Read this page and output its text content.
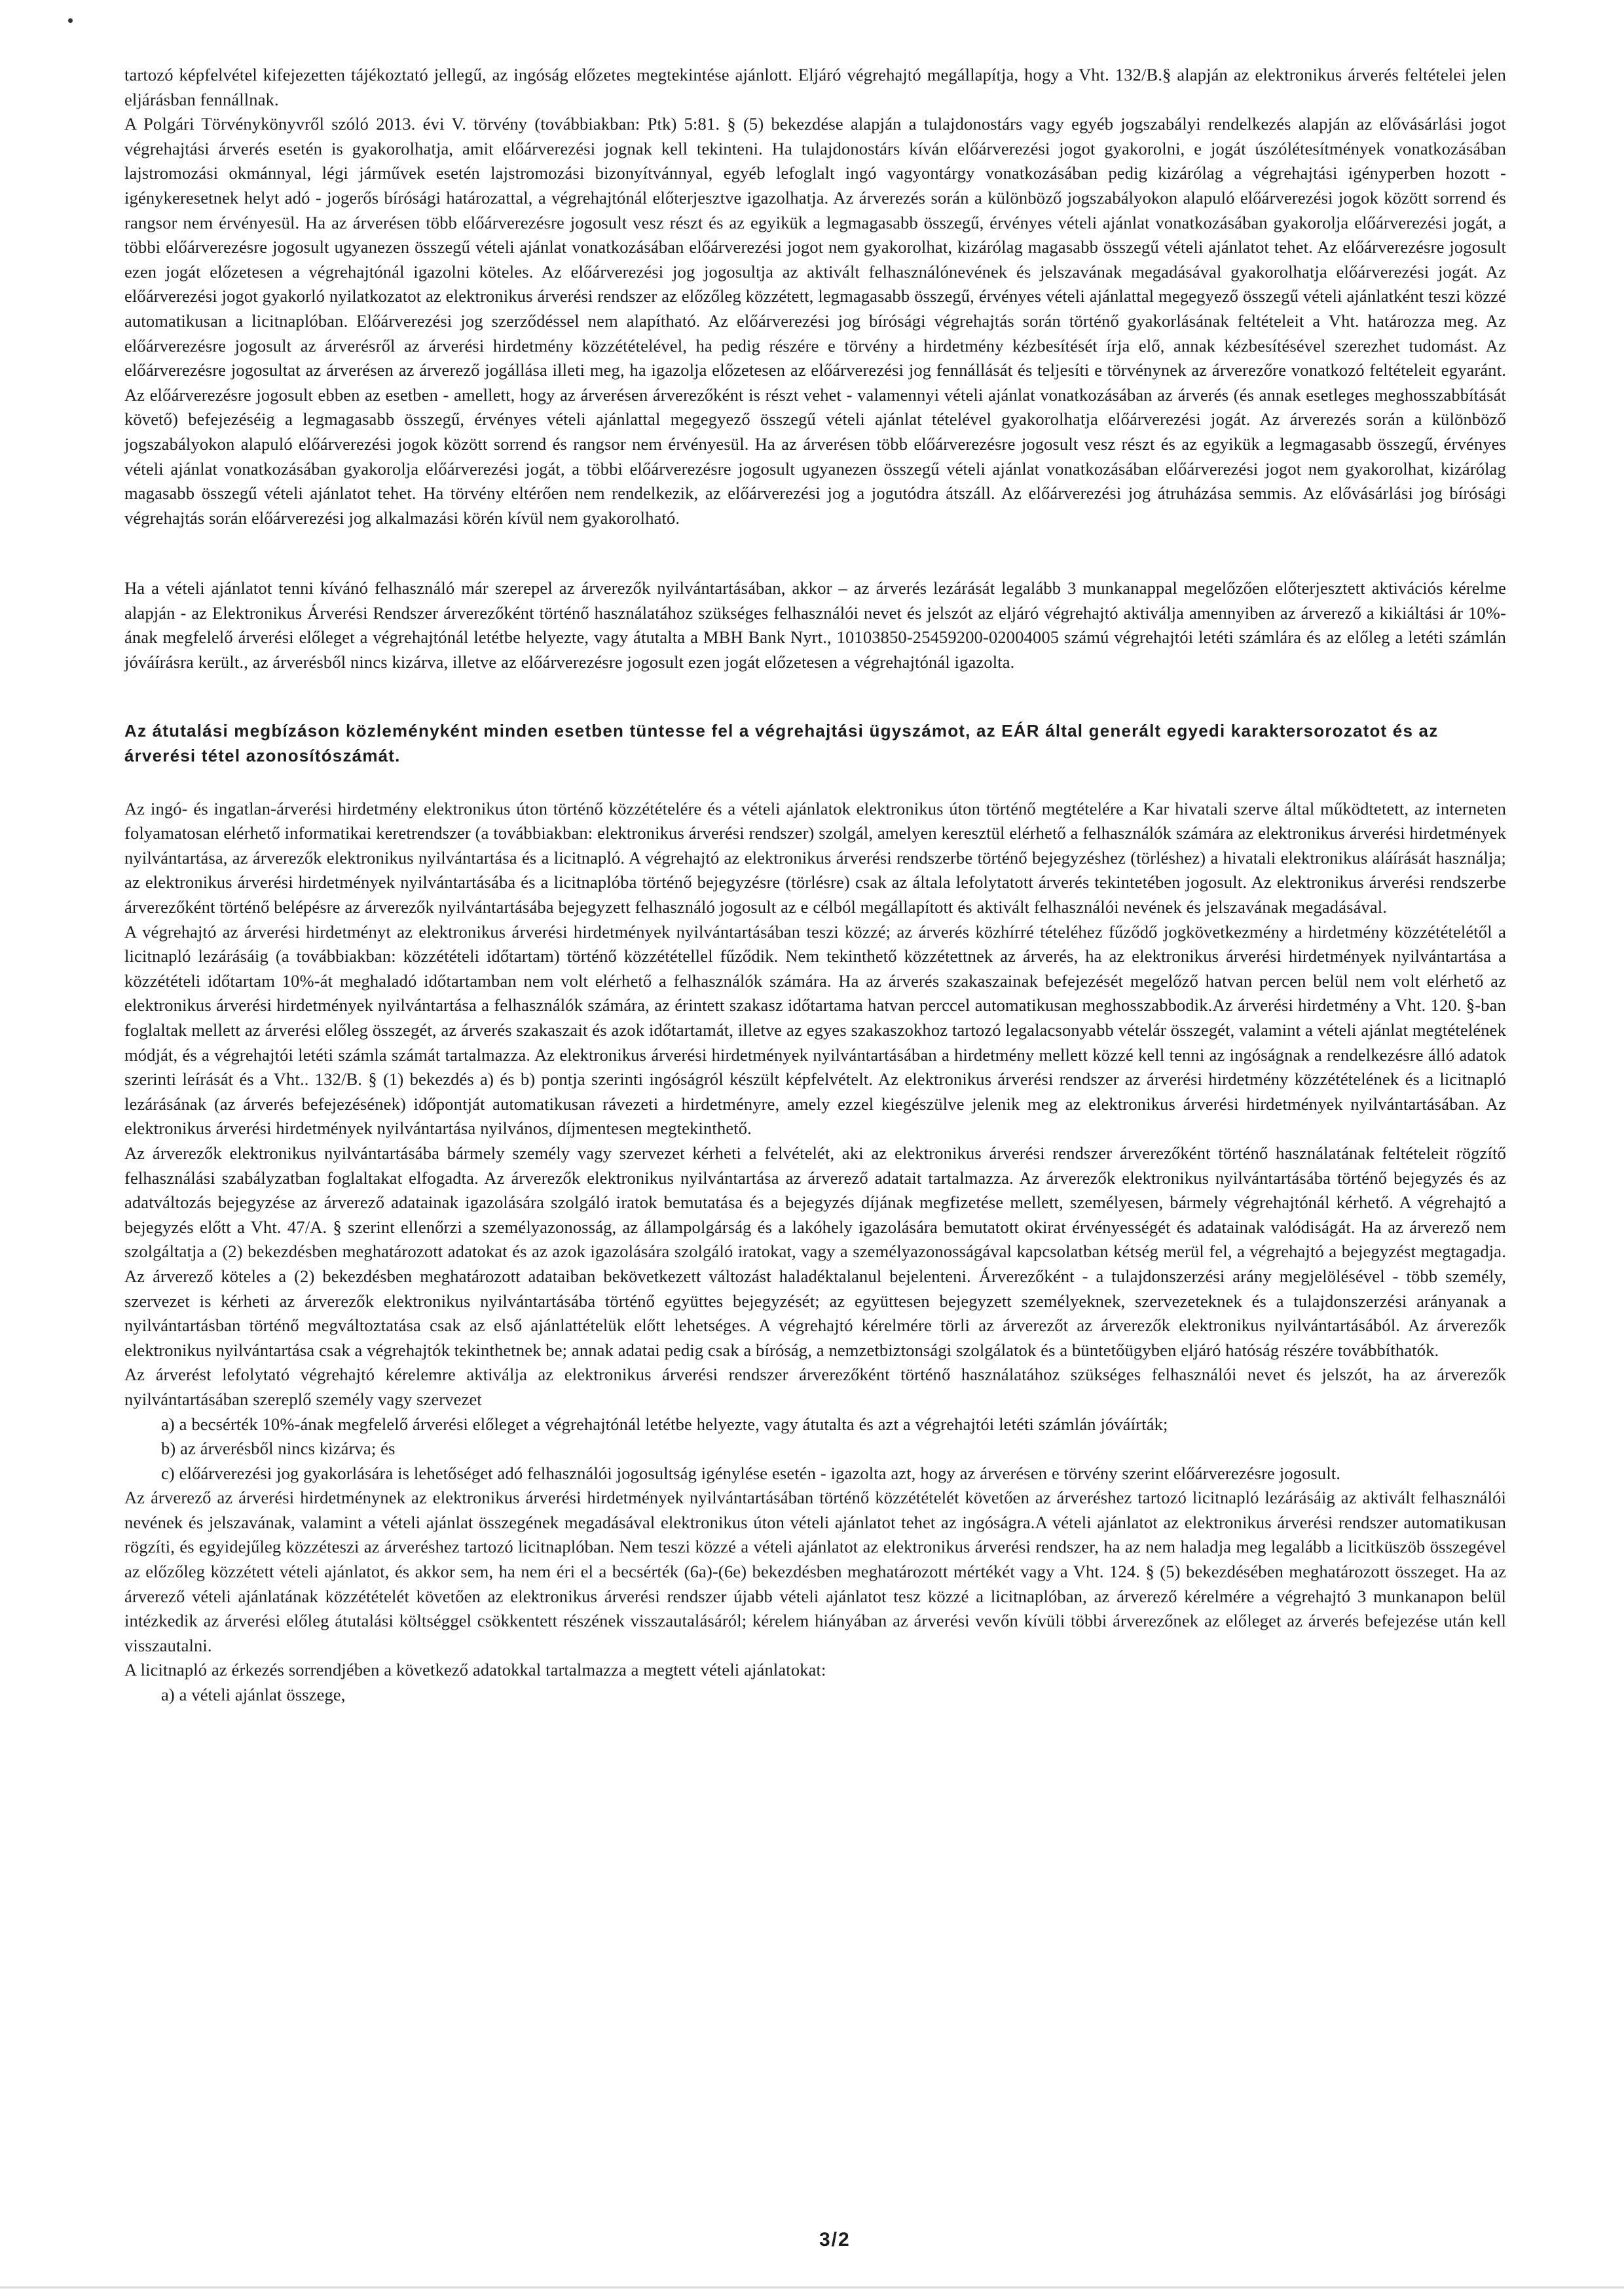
tartozó képfelvétel kifejezetten tájékoztató jellegű, az ingóság előzetes megtekintése ajánlott. Eljáró végrehajtó megállapítja, hogy a Vht. 132/B.§ alapján az elektronikus árverés feltételei jelen eljárásban fennállnak.

A Polgári Törvénykönyvről szóló 2013. évi V. törvény (továbbiakban: Ptk) 5:81. § (5) bekezdése alapján a tulajdonostárs vagy egyéb jogszabályi rendelkezés alapján az elővásárlási jogot végrehajtási árverés esetén is gyakorolhatja, amit előárverezési jognak kell tekinteni. Ha tulajdonostárs kíván előárverezési jogot gyakorolni, e jogát úszólétesítmények vonatkozásában lajstromozási okmánnyal, légi járművek esetén lajstromozási bizonyítvánnyal, egyéb lefoglalt ingó vagyontárgy vonatkozásában pedig kizárólag a végrehajtási igényperben hozott - igénykeresetnek helyt adó - jogerős bírósági határozattal, a végrehajtónál előterjesztve igazolhatja. Az árverezés során a különböző jogszabályokon alapuló előárverezési jogok között sorrend és rangsor nem érvényesül. Ha az árverésen több előárverezésre jogosult vesz részt és az egyikük a legmagasabb összegű, érvényes vételi ajánlat vonatkozásában gyakorolja előárverezési jogát, a többi előárverezésre jogosult ugyanezen összegű vételi ajánlat vonatkozásában előárverezési jogot nem gyakorolhat, kizárólag magasabb összegű vételi ajánlatot tehet. Az előárverezésre jogosult ezen jogát előzetesen a végrehajtónál igazolni köteles. Az előárverezési jog jogosultja az aktivált felhasználónevének és jelszavának megadásával gyakorolhatja előárverezési jogát. Az előárverezési jogot gyakorló nyilatkozatot az elektronikus árverési rendszer az előzőleg közzétett, legmagasabb összegű, érvényes vételi ajánlattal megegyező összegű vételi ajánlatként teszi közzé automatikusan a licitnaplóban. Előárverezési jog szerződéssel nem alapítható. Az előárverezési jog bírósági végrehajtás során történő gyakorlásának feltételeit a Vht. határozza meg. Az előárverezésre jogosult az árverésről az árverési hirdetmény közzétételével, ha pedig részére e törvény a hirdetmény kézbesítését írja elő, annak kézbesítésével szerezhet tudomást. Az előárverezésre jogosultat az árverésen az árverező jogállása illeti meg, ha igazolja előzetesen az előárverezési jog fennállását és teljesíti e törvénynek az árverezőre vonatkozó feltételeit egyaránt. Az előárverezésre jogosult ebben az esetben - amellett, hogy az árverésen árverezőként is részt vehet - valamennyi vételi ajánlat vonatkozásában az árverés (és annak esetleges meghosszabbítását követő) befejezéséig a legmagasabb összegű, érvényes vételi ajánlattal megegyező összegű vételi ajánlat tételével gyakorolhatja előárverezési jogát. Az árverezés során a különböző jogszabályokon alapuló előárverezési jogok között sorrend és rangsor nem érvényesül. Ha az árverésen több előárverezésre jogosult vesz részt és az egyikük a legmagasabb összegű, érvényes vételi ajánlat vonatkozásában gyakorolja előárverezési jogát, a többi előárverezésre jogosult ugyanezen összegű vételi ajánlat vonatkozásában előárverezési jogot nem gyakorolhat, kizárólag magasabb összegű vételi ajánlatot tehet. Ha törvény eltérően nem rendelkezik, az előárverezési jog a jogutódra átszáll. Az előárverezési jog átruházása semmis. Az elővásárlási jog bírósági végrehajtás során előárverezési jog alkalmazási körén kívül nem gyakorolható.

Ha a vételi ajánlatot tenni kívánó felhasználó már szerepel az árverezők nyilvántartásában, akkor – az árverés lezárását legalább 3 munkanappal megelőzően előterjesztett aktivációs kérelme alapján - az Elektronikus Árverési Rendszer árverezőként történő használatához szükséges felhasználói nevet és jelszót az eljáró végrehajtó aktiválja amennyiben az árverező a kikiáltási ár 10%-ának megfelelő árverési előleget a végrehajtónál letétbe helyezte, vagy átutalta a MBH Bank Nyrt., 10103850-25459200-02004005 számú végrehajtói letéti számlára és az előleg a letéti számlán jóváírásra került., az árverésből nincs kizárva, illetve az előárverezésre jogosult ezen jogát előzetesen a végrehajtónál igazolta.

Az átutalási megbízáson közleményként minden esetben tüntesse fel a végrehajtási ügyszámot, az EÁR által generált egyedi karaktersorozatot és az árverési tétel azonosítószámát.

Az ingó- és ingatlan-árverési hirdetmény elektronikus úton történő közzétételére és a vételi ajánlatok elektronikus úton történő megtételére a Kar hivatali szerve által működtetett, az interneten folyamatosan elérhető informatikai keretrendszer (a továbbiakban: elektronikus árverési rendszer) szolgál, amelyen keresztül elérhető a felhasználók számára az elektronikus árverési hirdetmények nyilvántartása, az árverezők elektronikus nyilvántartása és a licitnapló. A végrehajtó az elektronikus árverési rendszerbe történő bejegyzéshez (törléshez) a hivatali elektronikus aláírását használja; az elektronikus árverési hirdetmények nyilvántartásába és a licitnaplóba történő bejegyzésre (törlésre) csak az általa lefolytatott árverés tekintetében jogosult. Az elektronikus árverési rendszerbe árverezőként történő belépésre az árverezők nyilvántartásába bejegyzett felhasználó jogosult az e célból megállapított és aktivált felhasználói nevének és jelszavának megadásával.

A végrehajtó az árverési hirdetményt az elektronikus árverési hirdetmények nyilvántartásában teszi közzé; az árverés közhírré tételéhez fűződő jogkövetkezmény a hirdetmény közzétételétől a licitnapló lezárásáig (a továbbiakban: közzétételi időtartam) történő közzététellel fűződik. Nem tekinthető közzétettnek az árverés, ha az elektronikus árverési hirdetmények nyilvántartása a közzétételi időtartam 10%-át meghaladó időtartamban nem volt elérhető a felhasználók számára. Ha az árverés szakaszainak befejezését megelőző hatvan percen belül nem volt elérhető az elektronikus árverési hirdetmények nyilvántartása a felhasználók számára, az érintett szakasz időtartama hatvan perccel automatikusan meghosszabbodik.Az árverési hirdetmény a Vht. 120. §-ban foglaltak mellett az árverési előleg összegét, az árverés szakaszait és azok időtartamát, illetve az egyes szakaszokhoz tartozó legalacsonyabb vételár összegét, valamint a vételi ajánlat megtételének módját, és a végrehajtói letéti számla számát tartalmazza. Az elektronikus árverési hirdetmények nyilvántartásában a hirdetmény mellett közzé kell tenni az ingóságnak a rendelkezésre álló adatok szerinti leírását és a Vht.. 132/B. § (1) bekezdés a) és b) pontja szerinti ingóságról készült képfelvételt. Az elektronikus árverési rendszer az árverési hirdetmény közzétételének és a licitnapló lezárásának (az árverés befejezésének) időpontját automatikusan rávezeti a hirdetményre, amely ezzel kiegészülve jelenik meg az elektronikus árverési hirdetmények nyilvántartásában. Az elektronikus árverési hirdetmények nyilvántartása nyilvános, díjmentesen megtekinthető.

Az árverezők elektronikus nyilvántartásába bármely személy vagy szervezet kérheti a felvételét, aki az elektronikus árverési rendszer árverezőként történő használatának feltételeit rögzítő felhasználási szabályzatban foglaltakat elfogadta. Az árverezők elektronikus nyilvántartása az árverező adatait tartalmazza. Az árverezők elektronikus nyilvántartásába történő bejegyzés és az adatváltozás bejegyzése az árverező adatainak igazolására szolgáló iratok bemutatása és a bejegyzés díjának megfizetése mellett, személyesen, bármely végrehajtónál kérhető. A végrehajtó a bejegyzés előtt a Vht. 47/A. § szerint ellenőrzi a személyazonosság, az állampolgárság és a lakóhely igazolására bemutatott okirat érvényességét és adatainak valódiságát. Ha az árverező nem szolgáltatja a (2) bekezdésben meghatározott adatokat és az azok igazolására szolgáló iratokat, vagy a személyazonosságával kapcsolatban kétség merül fel, a végrehajtó a bejegyzést megtagadja. Az árverező köteles a (2) bekezdésben meghatározott adataiban bekövetkezett változást haladéktalanul bejelenteni. Árverezőként - a tulajdonszerzési arány megjelölésével - több személy, szervezet is kérheti az árverezők elektronikus nyilvántartásába történő együttes bejegyzését; az együttesen bejegyzett személyeknek, szervezeteknek és a tulajdonszerzési arányanak a nyilvántartásban történő megváltoztatása csak az első ajánlattételük előtt lehetséges. A végrehajtó kérelmére törli az árverezőt az árverezők elektronikus nyilvántartásából. Az árverezők elektronikus nyilvántartása csak a végrehajtók tekinthetnek be; annak adatai pedig csak a bíróság, a nemzetbiztonsági szolgálatok és a büntetőügyben eljáró hatóság részére továbbíthatók.

Az árverést lefolytató végrehajtó kérelemre aktiválja az elektronikus árverési rendszer árverezőként történő használatához szükséges felhasználói nevet és jelszót, ha az árverezők nyilvántartásában szereplő személy vagy szervezet

a) a becsérték 10%-ának megfelelő árverési előleget a végrehajtónál letétbe helyezte, vagy átutalta és azt a végrehajtói letéti számlán jóváírták;

b) az árverésből nincs kizárva; és

c) előárverezési jog gyakorlására is lehetőséget adó felhasználói jogosultság igénylése esetén - igazolta azt, hogy az árverésen e törvény szerint előárverezésre jogosult.

Az árverező az árverési hirdetménynek az elektronikus árverési hirdetmények nyilvántartásában történő közzétételét követően az árveréshez tartozó licitnapló lezárásáig az aktivált felhasználói nevének és jelszavának, valamint a vételi ajánlat összegének megadásával elektronikus úton vételi ajánlatot tehet az ingóságra.A vételi ajánlatot az elektronikus árverési rendszer automatikusan rögzíti, és egyidejűleg közzéteszi az árveréshez tartozó licitnaplóban. Nem teszi közzé a vételi ajánlatot az elektronikus árverési rendszer, ha az nem haladja meg legalább a licitküszöb összegével az előzőleg közzétett vételi ajánlatot, és akkor sem, ha nem éri el a becsérték (6a)-(6e) bekezdésben meghatározott mértékét vagy a Vht. 124. § (5) bekezdésében meghatározott összeget. Ha az árverező vételi ajánlatának közzétételét követően az elektronikus árverési rendszer újabb vételi ajánlatot tesz közzé a licitnaplóban, az árverező kérelmére a végrehajtó 3 munkanapon belül intézkedik az árverési előleg átutalási költséggel csökkentett részének visszautalásáról; kérelem hiányában az árverési vevőn kívüli többi árverezőnek az előleget az árverés befejezése után kell visszautalni.

A licitnapló az érkezés sorrendjében a következő adatokkal tartalmazza a megtett vételi ajánlatokat:

a) a vételi ajánlat összege,

3/2
